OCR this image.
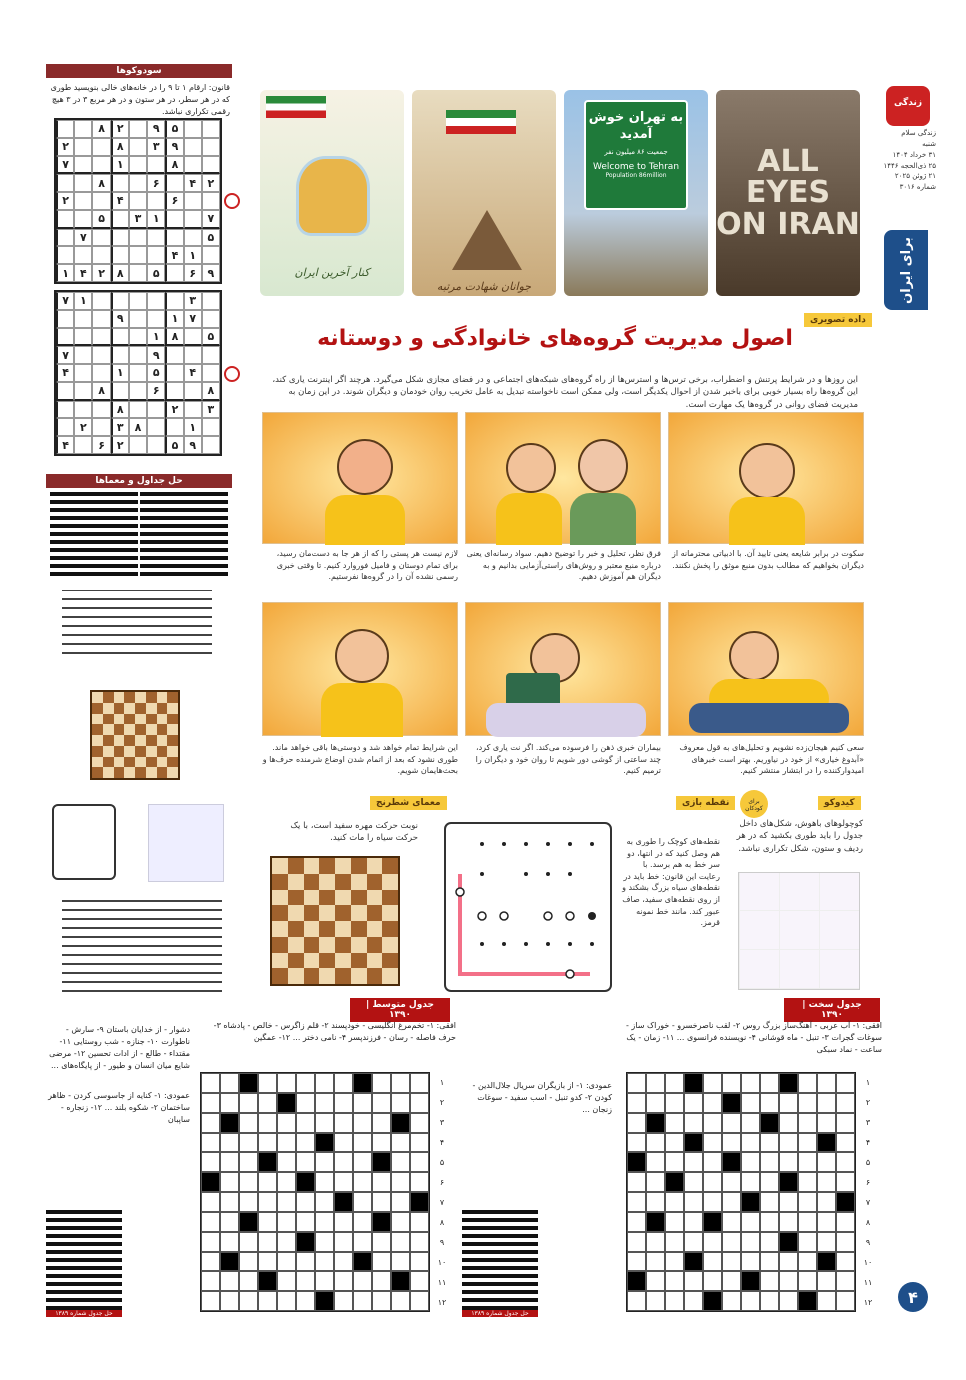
زندگی
زندگی سلام
شنبه
۳۱ خرداد ۱۴۰۴
۲۵ ذی‌الحجه ۱۴۴۶
۲۱ ژوئن ۲۰۲۵
شماره ۳۰۱۶
برای ایران
۴
ALL EYES ON IRAN
به تهران خوش آمدید
جمعیت ۸۶ میلیون نفر
Welcome to Tehran
Population 86million
جوانان شهادت مرتبه
کنار آخرین ایران
داده تصویری
اصول مدیریت گروه‌های خانوادگی و دوستانه
این روزها و در شرایط پرتنش و اضطراب، برخی ترس‌ها و استرس‌ها از راه گروه‌های شبکه‌های اجتماعی و در فضای مجازی شکل می‌گیرد. هرچند اگر اینترنت یاری کند، این گروه‌ها راه بسیار خوبی برای باخبر شدن از احوال یکدیگر است، ولی ممکن است ناخواسته تبدیل به عامل تخریب روان خودمان و دیگران شوند. در این زمان به مدیریت فضای روانی در گروه‌ها یک مهارت است.
سکوت در برابر شایعه یعنی تایید آن. با ادبیاتی محترمانه از دیگران بخواهیم که مطالب بدون منبع موثق را پخش نکنند.
فرق نظر، تحلیل و خبر را توضیح دهیم. سواد رسانه‌ای یعنی درباره منبع معتبر و روش‌های راستی‌آزمایی بدانیم و به دیگران هم آموزش دهیم.
لازم نیست هر پستی را که از هر جا به دست‌مان رسید، برای تمام دوستان و فامیل فوروارد کنیم. تا وقتی خبری رسمی نشده آن را در گروه‌ها نفرستیم.
سعی کنیم هیجان‌زده نشویم و تحلیل‌های به قول معروف «آبدوغ خیاری» از خود در نیاوریم. بهتر است خبرهای امیدوارکننده را در ابتشار منتشر کنیم.
بیماران خبری ذهن را فرسوده می‌کند. اگر نت یاری کرد، چند ساعتی از گوشی دور شویم تا روان خود و دیگران را ترمیم کنیم.
این شرایط تمام خواهد شد و دوستی‌ها باقی خواهد ماند. طوری نشود که بعد از اتمام شدن اوضاع شرمنده حرف‌ها و بحث‌هایمان شویم.
کیدوکو
برای کودکان
کوچولوهای باهوش، شکل‌های داخل جدول را باید طوری بکشید که در هر ردیف و ستون، شکل تکراری نباشد.
نقطه بازی
نقطه‌های کوچک را طوری به هم وصل کنید که در انتها، دو سر خط به هم برسد. با رعایت این قانون: خط باید در نقطه‌های سیاه بزرگ بشکند و از روی نقطه‌های سفید، صاف عبور کند. مانند خط نمونه قرمز.
معمای شطرنج
نوبت حرکت مهره سفید است، با یک حرکت سیاه را مات کنید.
سودوکو‌ها
قانون: ارقام ۱ تا ۹ را در خانه‌های خالی بنویسید طوری که در هر سطر، در هر ستون و در هر مربع ۳ در ۳ هیچ رقمی تکراری نباشد.
۵
۹
۲
۸
۹
۳
۸
۲
۸
۱
۷
۲
۴
۶
۸
۶
۴
۲
۷
۱
۳
۵
۵
۷
۱
۴
۹
۶
۵
۸
۲
۴
۱
۳
۱
۷
۷
۱
۹
۵
۸
۱
۹
۷
۴
۵
۱
۴
۸
۶
۸
۳
۲
۸
۱
۸
۳
۲
۹
۵
۲
۶
۴
حل جداول و معماها
جدول سخت | ۱۳۹۰
افقی: ۱- آب عربی - آهنگ‌ساز بزرگ روس ۲- لقب ناصرخسرو - خوراک ساز - سوغات گجرات ۳- تنبل - ماه قوشانی ۴- نویسنده فرانسوی ... ۱۱- زمان - یک ساعت - نماد سبکی
عمودی: ۱- از بازیگران سریال جلال‌الدین - کودن ۲- کدو تنبل - اسب سفید - سوغات زنجان ...
۱
۲
۳
۴
۵
۶
۷
۸
۹
۱۰
۱۱
۱۲
جدول متوسط | ۱۳۹۰
افقی: ۱- تخم‌مرغ انگلیسی - خودپسند ۲- قلم زاگرس - خالص - پادشاه ۳- حرف فاصله - رسان - فرزندپسر ۴- نامی دختر ... ۱۲- عمگین
عمودی: ۱- کنایه از جاسوسی کردن - ظاهر ساختمان ۲- شکوه بلند ... ۱۲- زنجاره - ساپبان
۱
۲
۳
۴
۵
۶
۷
۸
۹
۱۰
۱۱
۱۲
دشوار - از خدایان باستان ۹- سارش - ناطوارت ۱۰- جنازه - شب روستایی ۱۱- مقتداء - طالع - از ادات تحسین ۱۲- مرضی شایع میان انسان و طیور - از پایگاه‌های ...
حل جدول شماره ۱۳۸۹	حل جدول شماره ۱۳۸۹
